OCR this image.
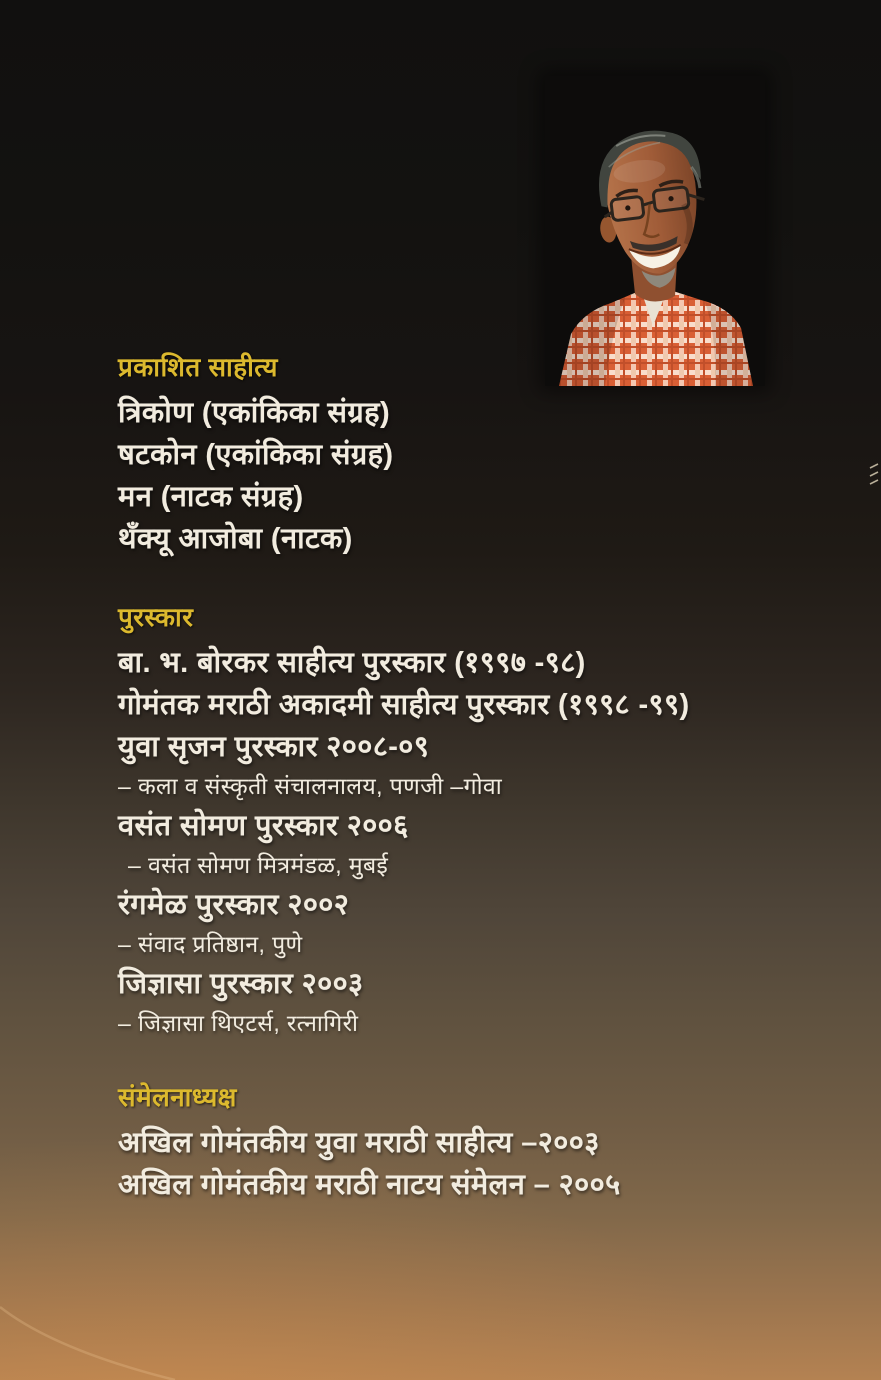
प्रकाशित साहीत्य
त्रिकोण (एकांकिका संग्रह)
षटकोन (एकांकिका संग्रह)
मन (नाटक संग्रह)
थँक्यू आजोबा (नाटक)
पुरस्कार
बा. भ. बोरकर साहीत्य पुरस्कार (१९९७ -९८)
गोमंतक मराठी अकादमी साहीत्य पुरस्कार (१९९८ -९९)
युवा सृजन पुरस्कार २००८-०९
– कला व संस्कृती संचालनालय, पणजी –गोवा
वसंत सोमण पुरस्कार २००६
– वसंत सोमण मित्रमंडळ, मुबई
रंगमेळ पुरस्कार २००२
– संवाद प्रतिष्ठान, पुणे
जिज्ञासा पुरस्कार २००३
– जिज्ञासा थिएटर्स, रत्नागिरी
संमेलनाध्यक्ष
अखिल गोमंतकीय युवा मराठी साहीत्य –२००३
अखिल गोमंतकीय मराठी नाटय संमेलन – २००५
